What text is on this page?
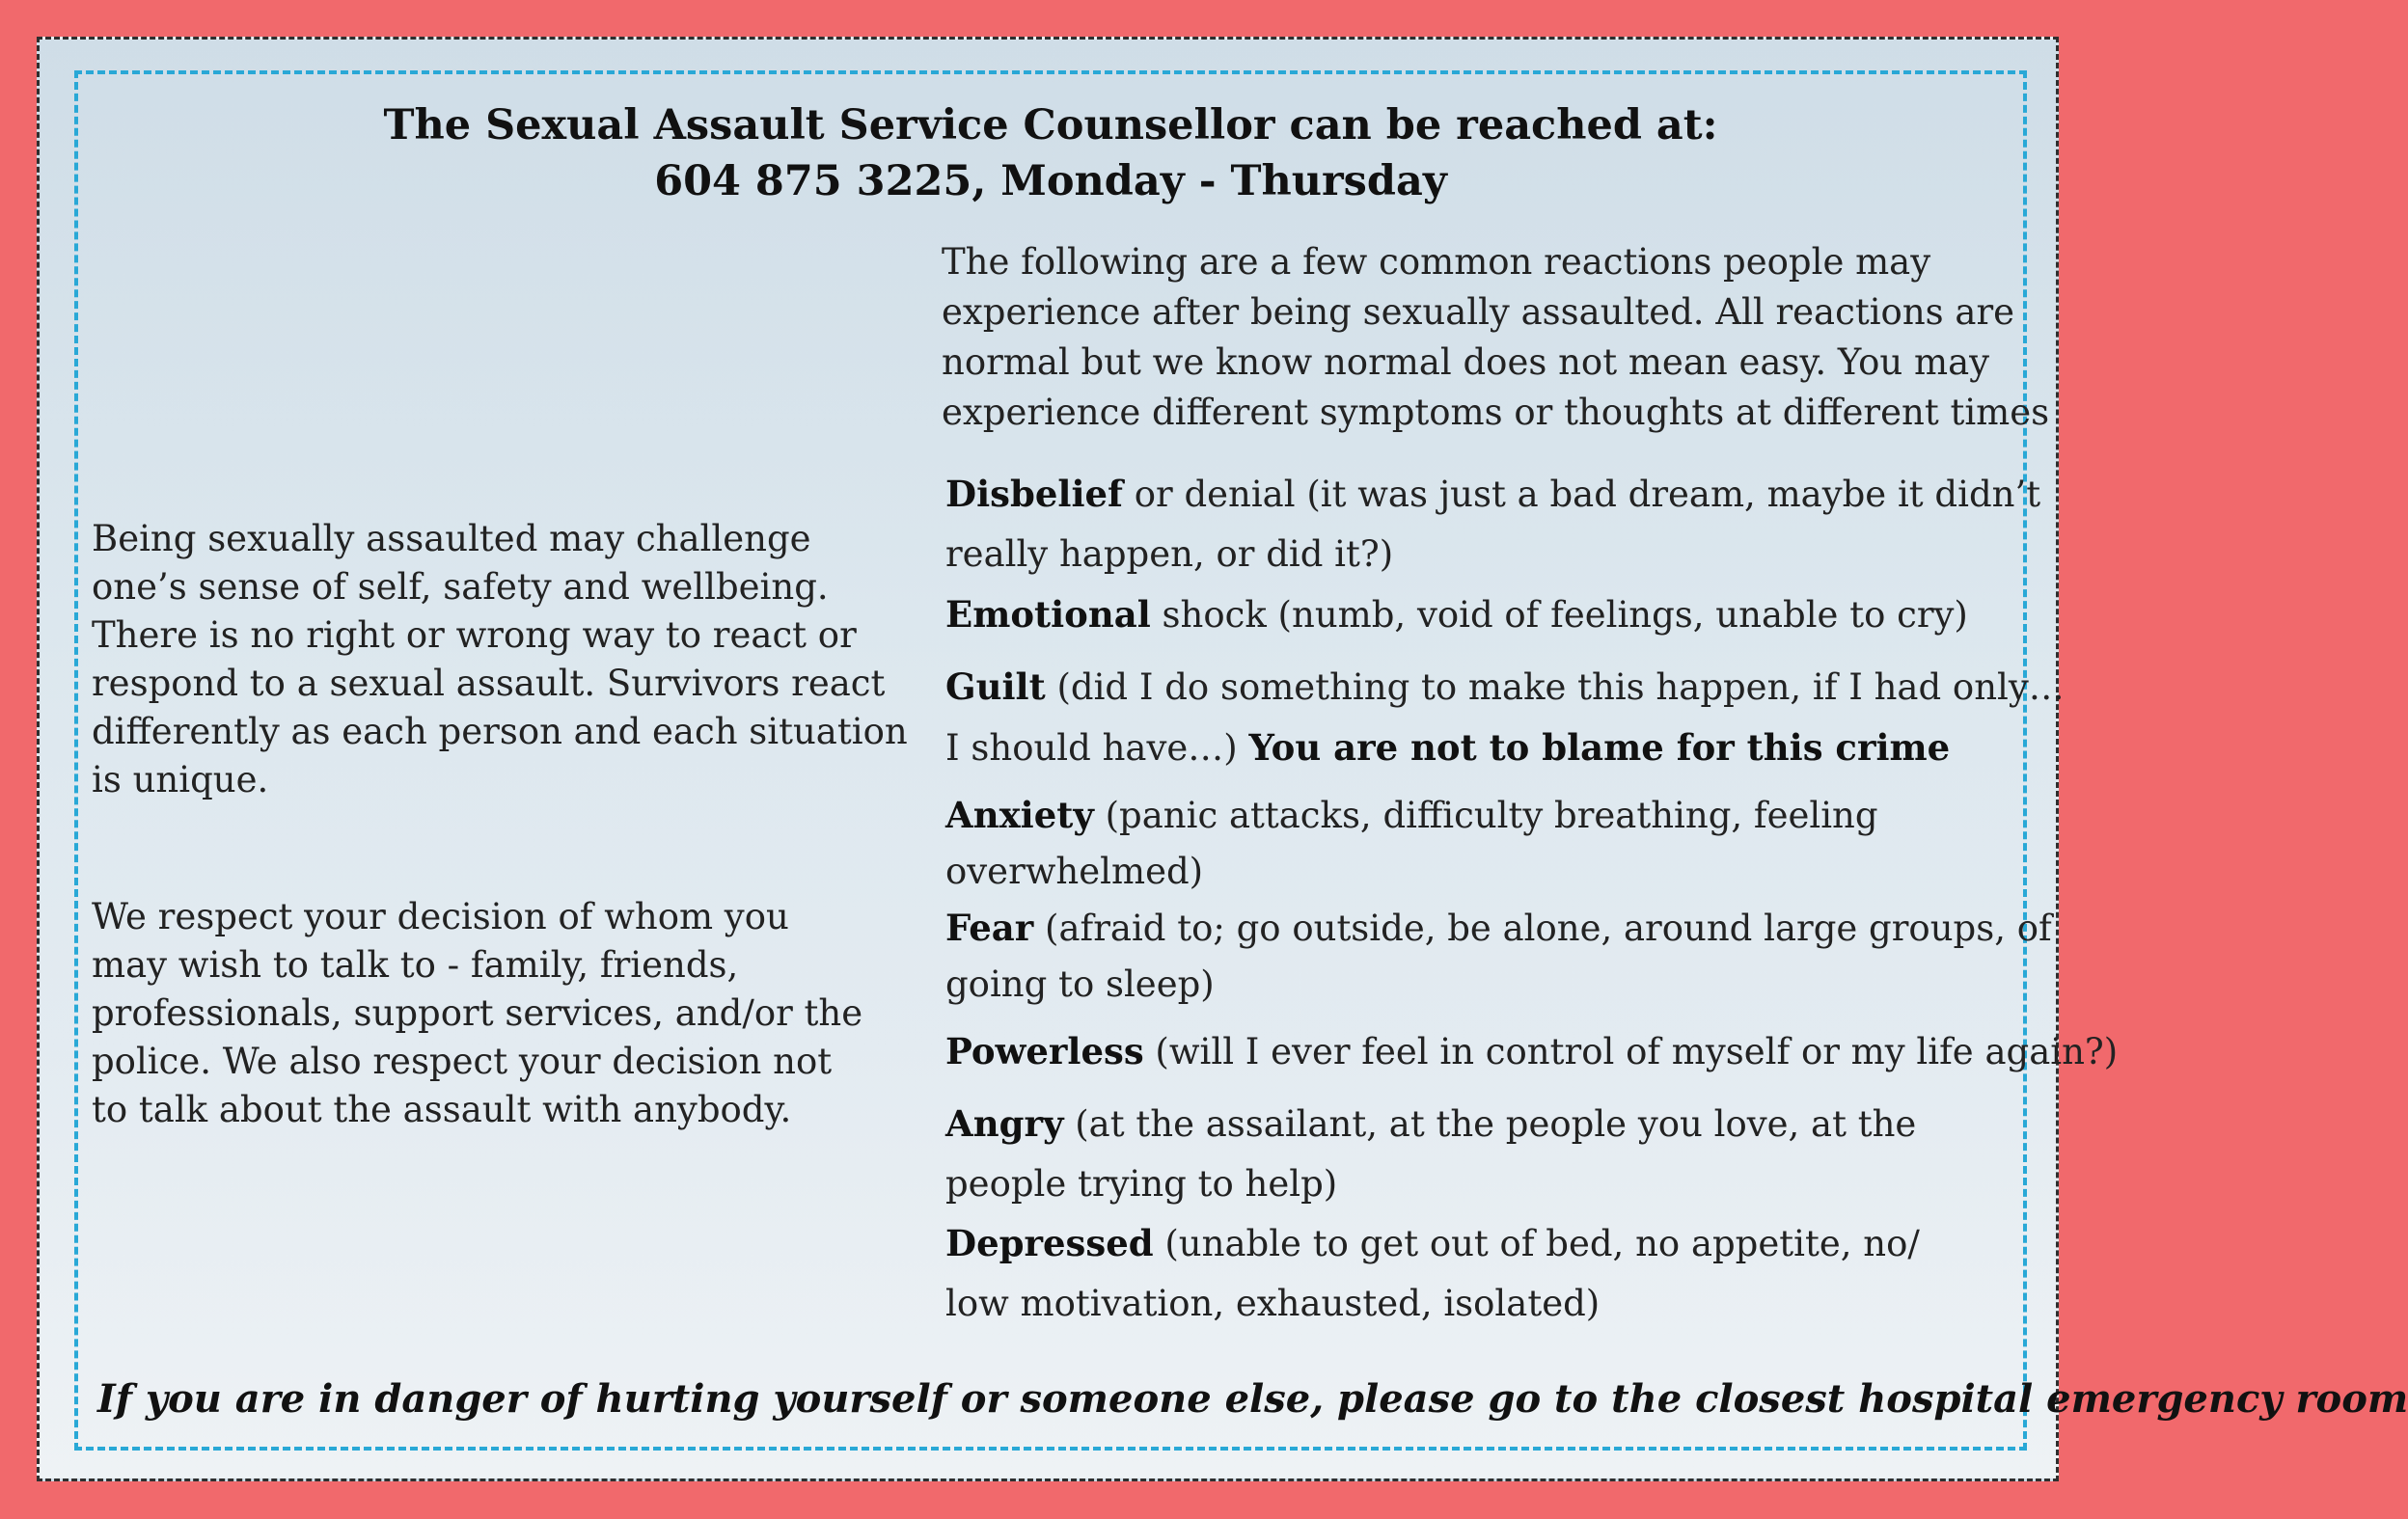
The Sexual Assault Service Counsellor can be reached at:
604 875 3225, Monday - Thursday
The following are a few common reactions people may
experience after being sexually assaulted. All reactions are
normal but we know normal does not mean easy. You may
experience different symptoms or thoughts at different times
Being sexually assaulted may challenge
one’s sense of self, safety and wellbeing.
There is no right or wrong way to react or
respond to a sexual assault. Survivors react
differently as each person and each situation
is unique.
We respect your decision of whom you
may wish to talk to - family, friends,
professionals, support services, and/or the
police. We also respect your decision not
to talk about the assault with anybody.
Disbelief or denial (it was just a bad dream, maybe it didn’t
really happen, or did it?)
Emotional shock (numb, void of feelings, unable to cry)
Guilt (did I do something to make this happen, if I had only…
I should have…) You are not to blame for this crime
Anxiety (panic attacks, difficulty breathing, feeling
overwhelmed)
Fear (afraid to; go outside, be alone, around large groups, of
going to sleep)
Powerless (will I ever feel in control of myself or my life again?)
Angry (at the assailant, at the people you love, at the
people trying to help)
Depressed (unable to get out of bed, no appetite, no/
low motivation, exhausted, isolated)
If you are in danger of hurting yourself or someone else, please go to the closest hospital emergency room
